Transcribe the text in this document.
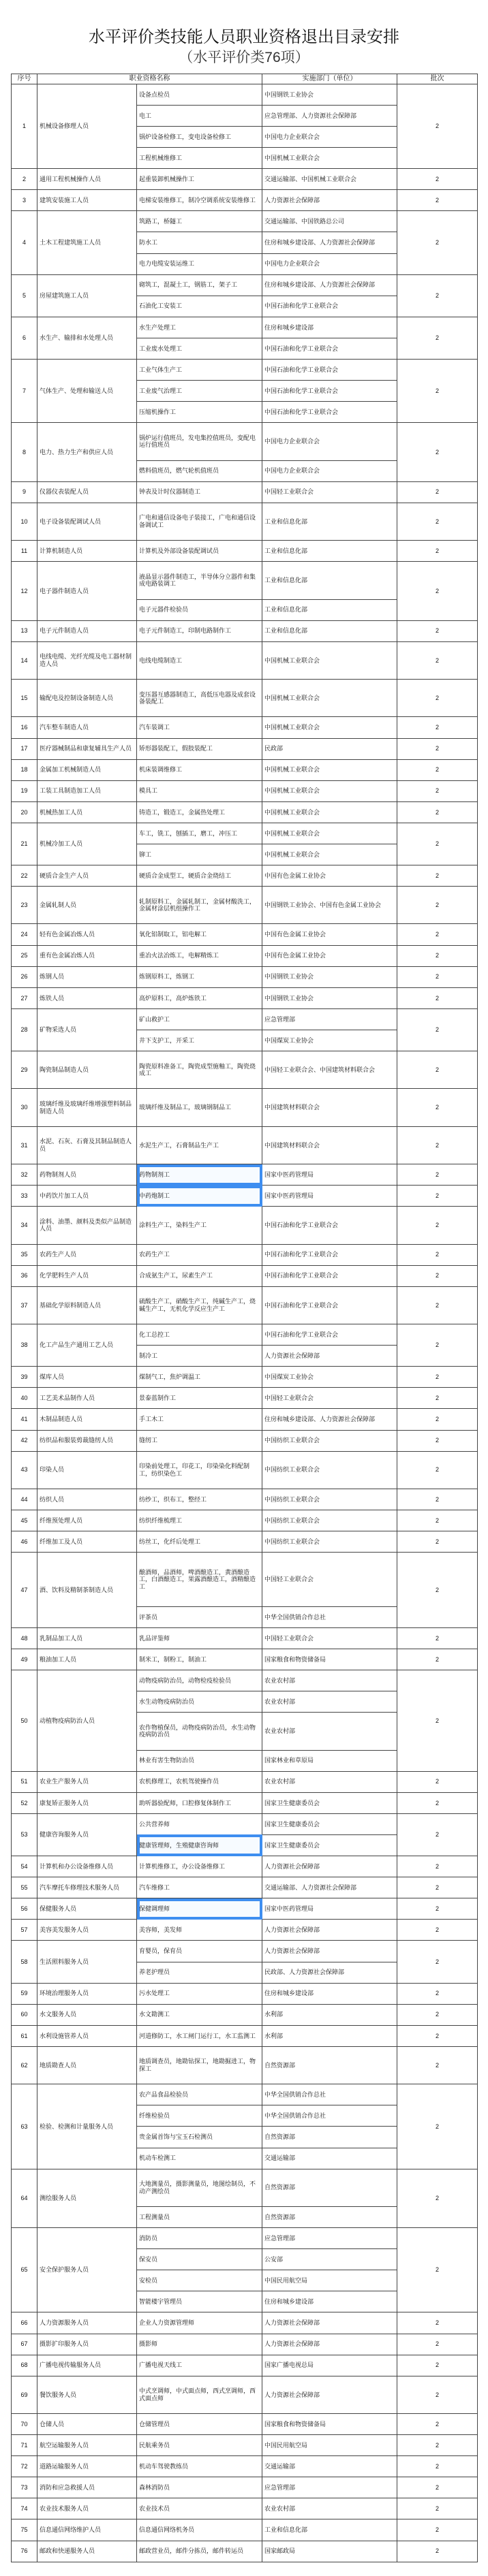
水平评价类技能人员职业资格退出目录安排
（水平评价类76项）
序号	职业资格名称		实施部门（单位）	批次
1	机械设备修理人员	设备点检员	中国钢铁工业协会	2
		电工	应急管理部、人力资源社会保障部	
		锅炉设备检修工，变电设备检修工	中国电力企业联合会	
		工程机械维修工	中国机械工业联合会	
2	通用工程机械操作人员	起重装卸机械操作工	交通运输部、中国机械工业联合会	2
3	建筑安装施工人员	电梯安装维修工，制冷空调系统安装维修工	人力资源社会保障部	2
4	土木工程建筑施工人员	筑路工，桥隧工	交通运输部、中国铁路总公司	2
		防水工	住房和城乡建设部、人力资源社会保障部	
		电力电缆安装运维工	中国电力企业联合会	
5	房屋建筑施工人员	砌筑工，混凝土工，钢筋工，架子工	住房和城乡建设部、人力资源社会保障部	2
		石油化工安装工	中国石油和化学工业联合会	
6	水生产、输排和水处理人员	水生产处理工	住房和城乡建设部	2
		工业废水处理工	中国石油和化学工业联合会	
7	气体生产、处理和输送人员	工业气体生产工	中国石油和化学工业联合会	2
		工业废气治理工	中国石油和化学工业联合会	
		压缩机操作工	中国石油和化学工业联合会	
8	电力、热力生产和供应人员	锅炉运行值班员，发电集控值班员，变配电运行值班员	中国电力企业联合会	2
		燃料值班员，燃气轮机值班员	中国电力企业联合会	
9	仪器仪表装配人员	钟表及计时仪器制造工	中国轻工业联合会	2
10	电子设备装配调试人员	广电和通信设备电子装接工，广电和通信设备调试工	工业和信息化部	2
11	计算机制造人员	计算机及外部设备装配调试员	工业和信息化部	2
12	电子器件制造人员	液晶显示器件制造工，半导体分立器件和集成电路装调工	工业和信息化部	2
		电子元器件检验员	工业和信息化部	
13	电子元件制造人员	电子元件制造工，印制电路制作工	工业和信息化部	2
14	电线电缆、光纤光缆及电工器材制造人员	电线电缆制造工	中国机械工业联合会	2
15	输配电及控制设备制造人员	变压器互感器制造工，高低压电器及成套设备装配工	中国机械工业联合会	2
16	汽车整车制造人员	汽车装调工	中国机械工业联合会	2
17	医疗器械制品和康复辅具生产人员	矫形器装配工，假肢装配工	民政部	2
18	金属加工机械制造人员	机床装调维修工	中国机械工业联合会	2
19	工装工具制造加工人员	模具工	中国机械工业联合会	2
20	机械热加工人员	铸造工，锻造工，金属热处理工	中国机械工业联合会	2
21	机械冷加工人员	车工，铣工，刨插工，磨工，冲压工	中国机械工业联合会	2
		铆工	中国机械工业联合会	
22	硬质合金生产人员	硬质合金成型工，硬质合金烧结工	中国有色金属工业协会	2
23	金属轧制人员	轧制原料工，金属轧制工，金属材酸洗工，金属材涂层机组操作工	中国钢铁工业协会、中国有色金属工业协会	2
24	轻有色金属冶炼人员	氧化铝制取工，铝电解工	中国有色金属工业协会	2
25	重有色金属冶炼人员	重冶火法冶炼工，电解精炼工	中国有色金属工业协会	2
26	炼钢人员	炼钢原料工，炼钢工	中国钢铁工业协会	2
27	炼铁人员	高炉原料工，高炉炼铁工	中国钢铁工业协会	2
28	矿物采选人员	矿山救护工	应急管理部	2
		井下支护工，开采工	中国煤炭工业协会	
29	陶瓷制品制造人员	陶瓷原料准备工，陶瓷成型施釉工，陶瓷烧成工	中国轻工业联合会、中国建筑材料联合会	2
30	玻璃纤维及玻璃纤维增强塑料制品制造人员	玻璃纤维及制品工，玻璃钢制品工	中国建筑材料联合会	2
31	水泥、石灰、石膏及其制品制造人员	水泥生产工，石膏制品生产工	中国建筑材料联合会	2
32	药物制剂人员	药物制剂工	国家中医药管理局	2
33	中药饮片加工人员	中药炮制工	国家中医药管理局	2
34	涂料、油墨、颜料及类似产品制造人员	涂料生产工，染料生产工	中国石油和化学工业联合会	2
35	农药生产人员	农药生产工	中国石油和化学工业联合会	2
36	化学肥料生产人员	合成氨生产工，尿素生产工	中国石油和化学工业联合会	2
37	基础化学原料制造人员	硫酸生产工，硝酸生产工，纯碱生产工，烧碱生产工，无机化学反应生产工	中国石油和化学工业联合会	2
38	化工产品生产通用工艺人员	化工总控工	中国石油和化学工业联合会	2
		制冷工	人力资源社会保障部	
39	煤库人员	煤制气工，焦炉调温工	中国煤炭工业协会	2
40	工艺美术品制作人员	景泰蓝制作工	中国轻工业联合会	2
41	木制品制造人员	手工木工	住房和城乡建设部、人力资源社会保障部	2
42	纺织品和服装剪裁缝纫人员	缝纫工	中国纺织工业联合会	2
43	印染人员	印染前处理工，印花工，印染染化料配制工，纺织染色工	中国纺织工业联合会	2
44	纺织人员	纺纱工，织布工，整经工	中国纺织工业联合会	2
45	纤维预处理人员	纺织纤维梳理工	中国纺织工业联合会	2
46	纤维加工及人员	纺丝工，化纤后处理工	中国纺织工业联合会	2
47	酒、饮料及精制茶制造人员	酿酒师，品酒师，啤酒酿造工，黄酒酿造工，白酒酿造工，果露酒酿造工，酒精酿造工	中国轻工业联合会	2
		评茶员	中华全国供销合作总社	
48	乳制品加工人员	乳品评鉴师	中国轻工业联合会	2
49	粮油加工人员	制米工，制粉工，制油工	国家粮食和物资储备局	2
50	动植物疫病防治人员	动物疫病防治员，动物检疫检验员	农业农村部	2
		水生动物疫病防治员	农业农村部	
		农作物植保员，动物疫病防治员，水生动物疫病防治员	农业农村部	
		林业有害生物防治员	国家林业和草原局	
51	农业生产服务人员	农机修理工，农机驾驶操作员	农业农村部	2
52	康复矫正服务人员	助听器验配师，口腔修复体制作工	国家卫生健康委员会	2
53	健康咨询服务人员	公共营养师	国家卫生健康委员会	2
		健康管理师，生殖健康咨询师	国家卫生健康委员会	
54	计算机和办公设备维修人员	计算机维修工，办公设备维修工	人力资源社会保障部	2
55	汽车摩托车修理技术服务人员	汽车维修工	交通运输部、人力资源社会保障部	2
56	保健服务人员	保健调理师	国家中医药管理局	2
57	美容美发服务人员	美容师，美发师	人力资源社会保障部	2
58	生活照料服务人员	育婴员，保育员	人力资源社会保障部	2
		养老护理员	民政部、人力资源社会保障部	
59	环境治理服务人员	污水处理工	住房和城乡建设部	2
60	水文服务人员	水文勘测工	水利部	2
61	水利设施管养人员	河道修防工，水工闸门运行工，水工监测工	水利部	2
62	地质勘查人员	地质调查员，地勘钻探工，地勘掘进工，物探工	自然资源部	2
63	检验、检测和计量服务人员	农产品食品检验员	中华全国供销合作总社	2
		纤维检验员	中华全国供销合作总社	
		贵金属首饰与宝玉石检测员	自然资源部	
		机动车检测工	交通运输部	
64	测绘服务人员	大地测量员，摄影测量员，地图绘制员，不动产测绘员	自然资源部	2
		工程测量员	自然资源部	
65	安全保护服务人员	消防员	应急管理部	2
		保安员	公安部	
		安检员	中国民用航空局	
		智能楼宇管理员	住房和城乡建设部	
66	人力资源服务人员	企业人力资源管理师	人力资源社会保障部	2
67	摄影扩印服务人员	摄影师	人力资源社会保障部	2
68	广播电视传输服务人员	广播电视天线工	国家广播电视总局	2
69	餐饮服务人员	中式烹调师，中式面点师，西式烹调师，西式面点师	人力资源社会保障部	2
70	仓储人员	仓储管理员	国家粮食和物资储备局	2
71	航空运输服务人员	民航乘务员	中国民用航空局	2
72	道路运输服务人员	机动车驾驶教练员	交通运输部	2
73	消防和应急救援人员	森林消防员	应急管理部	2
74	农业技术服务人员	农业技术员	农业农村部	2
75	信息通信网络维护人员	信息通信网络机务员	工业和信息化部	2
76	邮政和快递服务人员	邮政营业员，邮件分拣员，邮件转运员	国家邮政局	2
